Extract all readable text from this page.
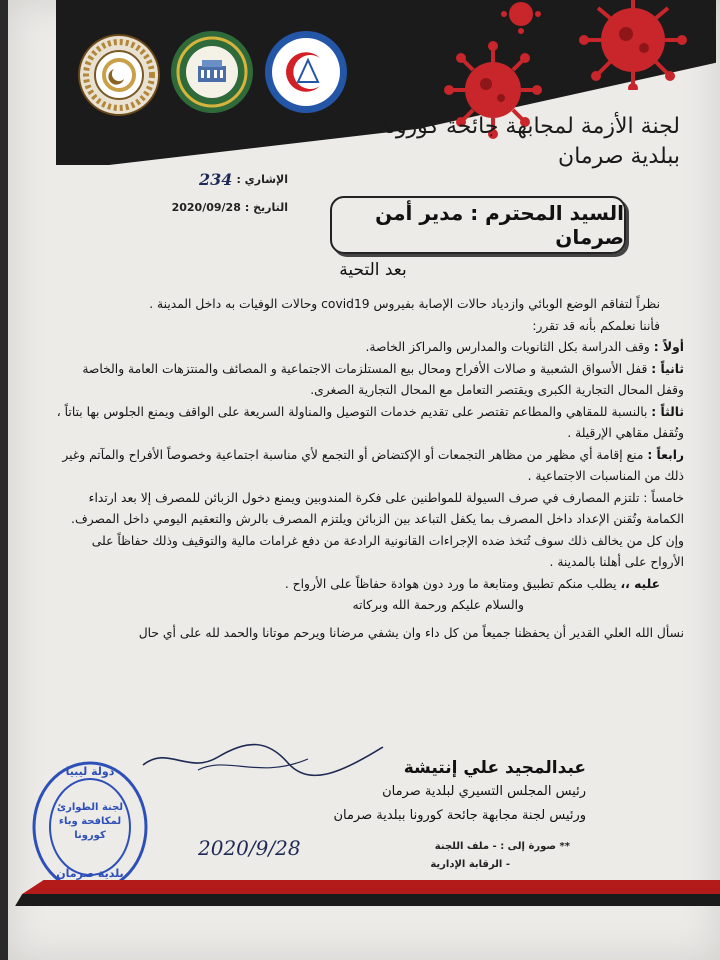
لجنة الأزمة لمجابهة جائحة كورونا
ببلدية صرمان
الإشاري :
234
التاريخ :
2020/09/28	السيد المحترم : مدير أمن صرمان
بعد التحية

نظراً لتفاقم الوضع الوبائي وازدياد حالات الإصابة بفيروس covid19 وحالات الوفيات به داخل المدينة .

فأننا نعلمكم بأنه قد تقرر:

أولاً : وقف الدراسة بكل الثانويات والمدارس والمراكز الخاصة.

ثانياً : قفل الأسواق الشعبية و صالات الأفراح ومحال بيع المستلزمات الاجتماعية و المصائف والمنتزهات العامة والخاصة وقفل المحال التجارية الكبرى ويقتصر التعامل مع المحال التجارية الصغرى.

ثالثاً : بالنسبة للمقاهي والمطاعم تقتصر على تقديم خدمات التوصيل والمناولة السريعة على الواقف ويمنع الجلوس بها بتاتاً ، وتُقفل مقاهي الإرقيلة .

رابعاً : منع إقامة أي مظهر من مظاهر التجمعات أو الإكتضاض أو التجمع لأي مناسبة اجتماعية وخصوصاً الأفراح والمآتم وغير ذلك من المناسبات الاجتماعية .

خامساً : تلتزم المصارف في صرف السيولة للمواطنين على فكرة المندوبين ويمنع دخول الزبائن للمصرف إلا بعد ارتداء الكمامة وتُقنن الإعداد داخل المصرف بما يكفل التباعد بين الزبائن ويلتزم المصرف بالرش والتعقيم اليومي داخل المصرف.

وإن كل من يخالف ذلك سوف تُتخذ ضده الإجراءات القانونية الرادعة من دفع غرامات مالية والتوقيف وذلك حفاظاً على الأرواح على أهلنا بالمدينة .

عليه ،، يطلب منكم تطبيق ومتابعة ما ورد دون هوادة حفاظاً على الأرواح .

والسلام عليكم ورحمة الله وبركاته

نسأل الله العلي القدير أن يحفظنا جميعاً من كل داء وان يشفي مرضانا ويرحم موتانا والحمد لله على أي حال

عبدالمجيد علي إنتيشة
رئيس المجلس التسيري لبلدية صرمان
ورئيس لجنة مجابهة جائحة كورونا ببلدية صرمان
2020/9/28	** صورة إلى : - ملف اللجنة
- الرقابة الإدارية
دولة ليبيا
لجنة الطوارئ
لمكافحة وباء
كورونا
بلدية صرمان
